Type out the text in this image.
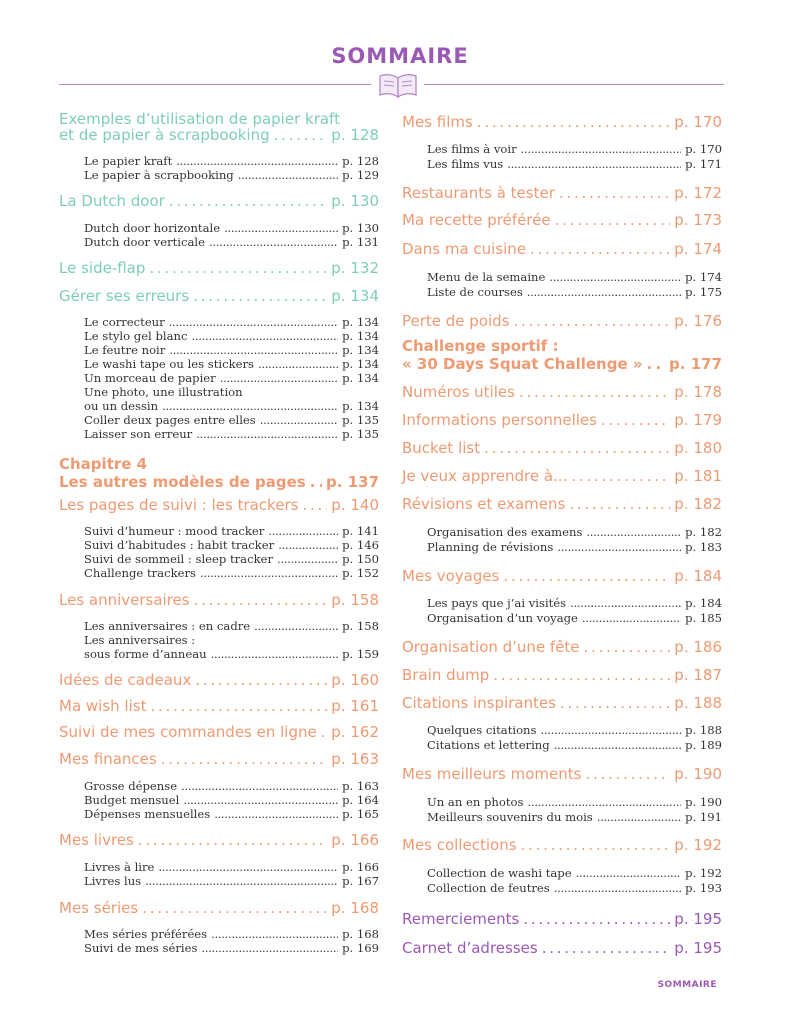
SOMMAIRE
Exemples d’utilisation de papier kraft
et de papier à scrapbooking . . .	p. 128
Le papier kraft . . .	p. 128
Le papier à scrapbooking . . .	p. 129
La Dutch door . . .	p. 130
Dutch door horizontale . . .	p. 130
Dutch door verticale . . .	p. 131
Le side-flap . . .	p. 132
Gérer ses erreurs . . .	p. 134
Le correcteur . . .	p. 134
Le stylo gel blanc . . .	p. 134
Le feutre noir . . .	p. 134
Le washi tape ou les stickers . . .	p. 134
Un morceau de papier . . .	p. 134
Une photo, une illustration
ou un dessin . . .	p. 134
Coller deux pages entre elles . . .	p. 135
Laisser son erreur . . .	p. 135
Chapitre 4
Les autres modèles de pages . . . p. 137
Les pages de suivi : les trackers . . . p. 140
Suivi d’humeur : mood tracker . . .	p. 141
Suivi d’habitudes : habit tracker . . .	p. 146
Suivi de sommeil : sleep tracker . . .	p. 150
Challenge trackers . . .	p. 152
Les anniversaires . . .	p. 158
Les anniversaires : en cadre . . .	p. 158
Les anniversaires :
sous forme d’anneau . . .	p. 159
Idées de cadeaux . . .	p. 160
Ma wish list . . .	p. 161
Suivi de mes commandes en ligne . . . p. 162
Mes finances . . .	p. 163
Grosse dépense . . .	p. 163
Budget mensuel . . .	p. 164
Dépenses mensuelles . . .	p. 165
Mes livres . . .	p. 166
Livres à lire . . .	p. 166
Livres lus . . .	p. 167
Mes séries . . .	p. 168
Mes séries préférées . . .	p. 168
Suivi de mes séries . . .	p. 169
Mes films . . .	p. 170
Les films à voir . . .	p. 170
Les films vus . . .	p. 171
Restaurants à tester . . .	p. 172
Ma recette préférée . . .	p. 173
Dans ma cuisine . . .	p. 174
Menu de la semaine . . .	p. 174
Liste de courses . . .	p. 175
Perte de poids . . .	p. 176
Challenge sportif :
« 30 Days Squat Challenge » . . . p. 177
Numéros utiles . . .	p. 178
Informations personnelles . . .	p. 179
Bucket list . . .	p. 180
Je veux apprendre à... . . .	p. 181
Révisions et examens . . .	p. 182
Organisation des examens . . .	p. 182
Planning de révisions . . .	p. 183
Mes voyages . . .	p. 184
Les pays que j’ai visités . . .	p. 184
Organisation d’un voyage . . .	p. 185
Organisation d’une fête . . .	p. 186
Brain dump . . .	p. 187
Citations inspirantes . . .	p. 188
Quelques citations . . .	p. 188
Citations et lettering . . .	p. 189
Mes meilleurs moments . . .	p. 190
Un an en photos . . .	p. 190
Meilleurs souvenirs du mois . . .	p. 191
Mes collections . . .	p. 192
Collection de washi tape . . .	p. 192
Collection de feutres . . .	p. 193
Remerciements . . .	p. 195
Carnet d’adresses . . .	p. 195
SOMMAIRE
